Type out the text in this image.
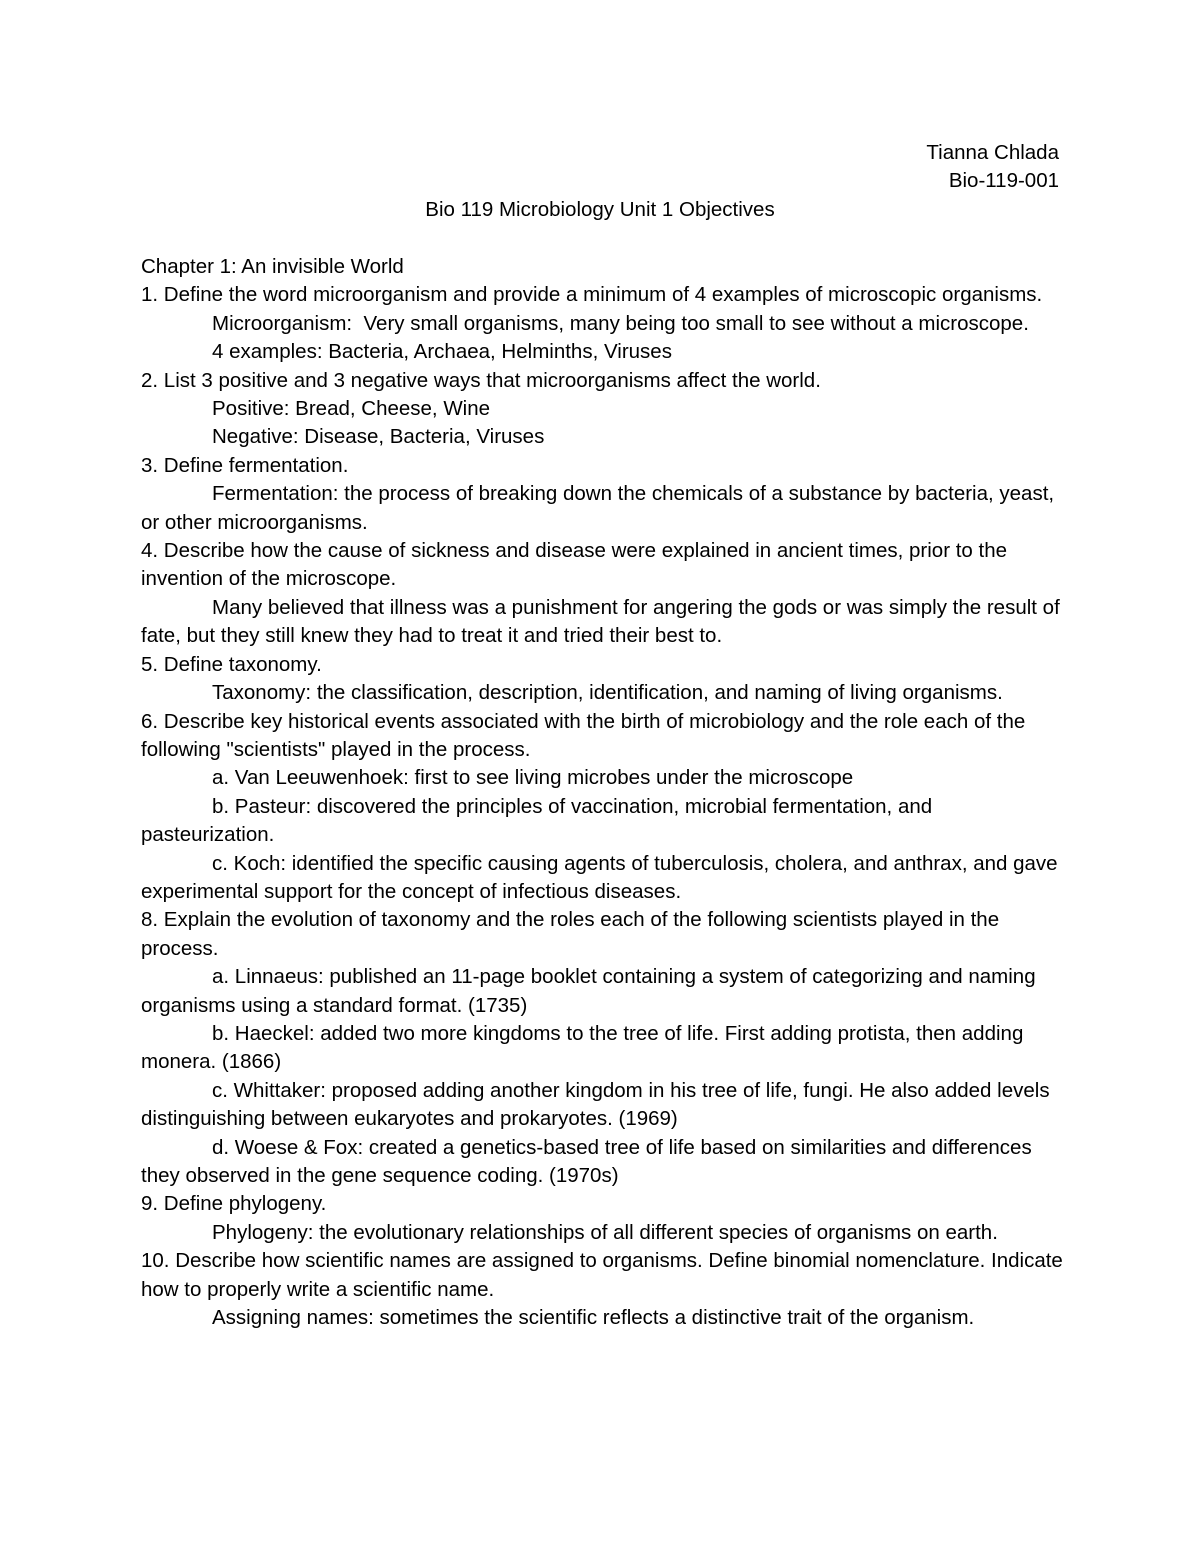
Tianna Chlada
Bio-119-001
Bio 119 Microbiology Unit 1 Objectives

Chapter 1: An invisible World

1. Define the word microorganism and provide a minimum of 4 examples of microscopic organisms.

Microorganism:  Very small organisms, many being too small to see without a microscope.

4 examples: Bacteria, Archaea, Helminths, Viruses

2. List 3 positive and 3 negative ways that microorganisms affect the world.

Positive: Bread, Cheese, Wine

Negative: Disease, Bacteria, Viruses

3. Define fermentation.

Fermentation: the process of breaking down the chemicals of a substance by bacteria, yeast, or other microorganisms.

4. Describe how the cause of sickness and disease were explained in ancient times, prior to the invention of the microscope.

Many believed that illness was a punishment for angering the gods or was simply the result of fate, but they still knew they had to treat it and tried their best to.

5. Define taxonomy.

Taxonomy: the classification, description, identification, and naming of living organisms.

6. Describe key historical events associated with the birth of microbiology and the role each of the following "scientists" played in the process.

a. Van Leeuwenhoek: first to see living microbes under the microscope

b. Pasteur: discovered the principles of vaccination, microbial fermentation, and pasteurization.

c. Koch: identified the specific causing agents of tuberculosis, cholera, and anthrax, and gave experimental support for the concept of infectious diseases.

8. Explain the evolution of taxonomy and the roles each of the following scientists played in the process.

a. Linnaeus: published an 11-page booklet containing a system of categorizing and naming organisms using a standard format. (1735)

b. Haeckel: added two more kingdoms to the tree of life. First adding protista, then adding monera. (1866)

c. Whittaker: proposed adding another kingdom in his tree of life, fungi. He also added levels distinguishing between eukaryotes and prokaryotes. (1969)

d. Woese & Fox: created a genetics-based tree of life based on similarities and differences they observed in the gene sequence coding. (1970s)

9. Define phylogeny.

Phylogeny: the evolutionary relationships of all different species of organisms on earth.

10. Describe how scientific names are assigned to organisms. Define binomial nomenclature. Indicate how to properly write a scientific name.

Assigning names: sometimes the scientific reflects a distinctive trait of the organism.
